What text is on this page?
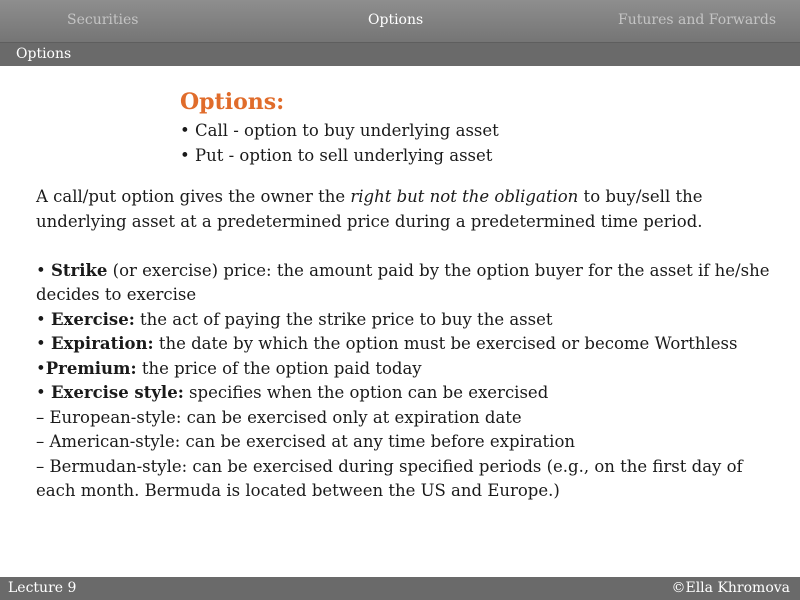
Securities	Options	Futures and Forwards
Options
Options:
• Call - option to buy underlying asset
• Put - option to sell underlying asset

A call/put option gives the owner the right but not the obligation to buy/sell the underlying asset at a predetermined price during a predetermined time period.

• Strike (or exercise) price: the amount paid by the option buyer for the asset if he/she decides to exercise

• Exercise: the act of paying the strike price to buy the asset

• Expiration: the date by which the option must be exercised or become Worthless

•Premium: the price of the option paid today

• Exercise style: specifies when the option can be exercised

– European-style: can be exercised only at expiration date

– American-style: can be exercised at any time before expiration

– Bermudan-style: can be exercised during specified periods (e.g., on the first day of each month. Bermuda is located between the US and Europe.)

Lecture 9	©Ella Khromova
